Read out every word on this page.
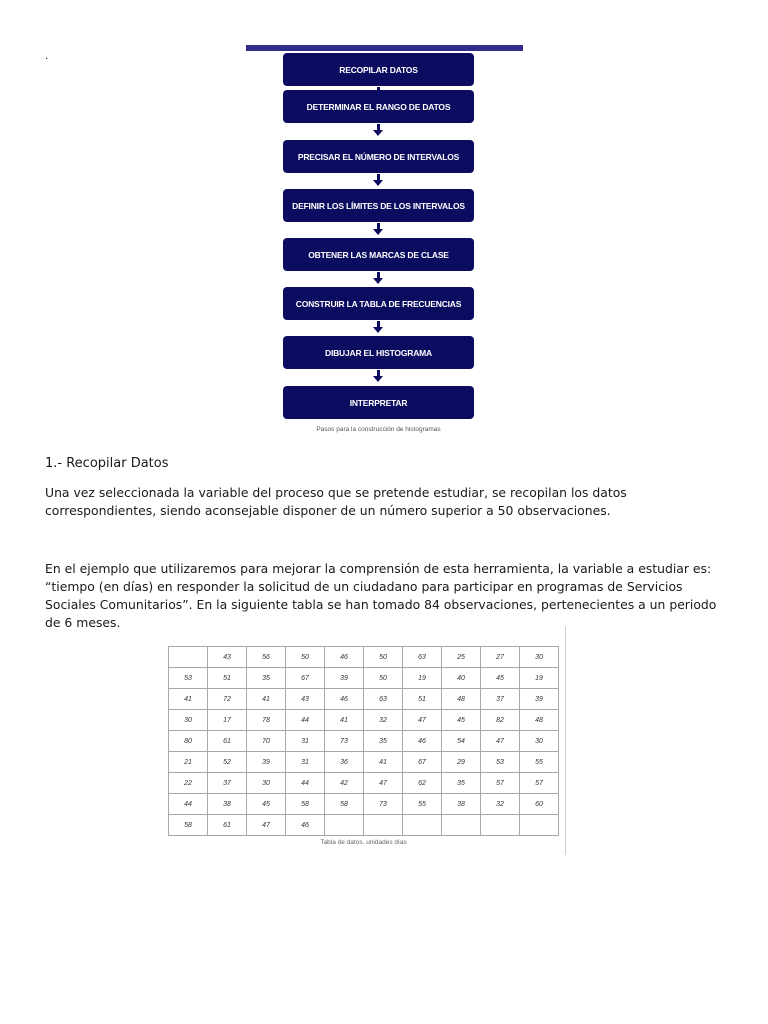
.
RECOPILAR DATOS
DETERMINAR EL RANGO DE DATOS
PRECISAR EL NÚMERO DE INTERVALOS
DEFINIR LOS LÍMITES DE LOS INTERVALOS
OBTENER LAS MARCAS DE CLASE
CONSTRUIR LA TABLA DE FRECUENCIAS
DIBUJAR EL HISTOGRAMA
INTERPRETAR
Pasos para la construcción de histogramas
1.- Recopilar Datos
Una vez seleccionada la variable del proceso que se pretende estudiar, se recopilan los datos correspondientes, siendo aconsejable disponer de un número superior a 50 observaciones.
En el ejemplo que utilizaremos para mejorar la comprensión de esta herramienta, la variable a estudiar es: “tiempo (en días) en responder la solicitud de un ciudadano para participar en programas de Servicios Sociales Comunitarios”. En la siguiente tabla se han tomado 84 observaciones, pertenecientes a un periodo de 6 meses.
	43	56	50	46	50	63	25	27	30
53	51	35	67	39	50	19	40	45	19
41	72	41	43	46	63	51	48	37	39
30	17	78	44	41	32	47	45	82	48
80	61	70	31	73	35	46	54	47	30
21	52	39	31	36	41	67	29	53	55
22	37	30	44	42	47	62	35	57	57
44	38	45	58	58	73	55	38	32	60
58	61	47	46						
Tabla de datos. unidades días
